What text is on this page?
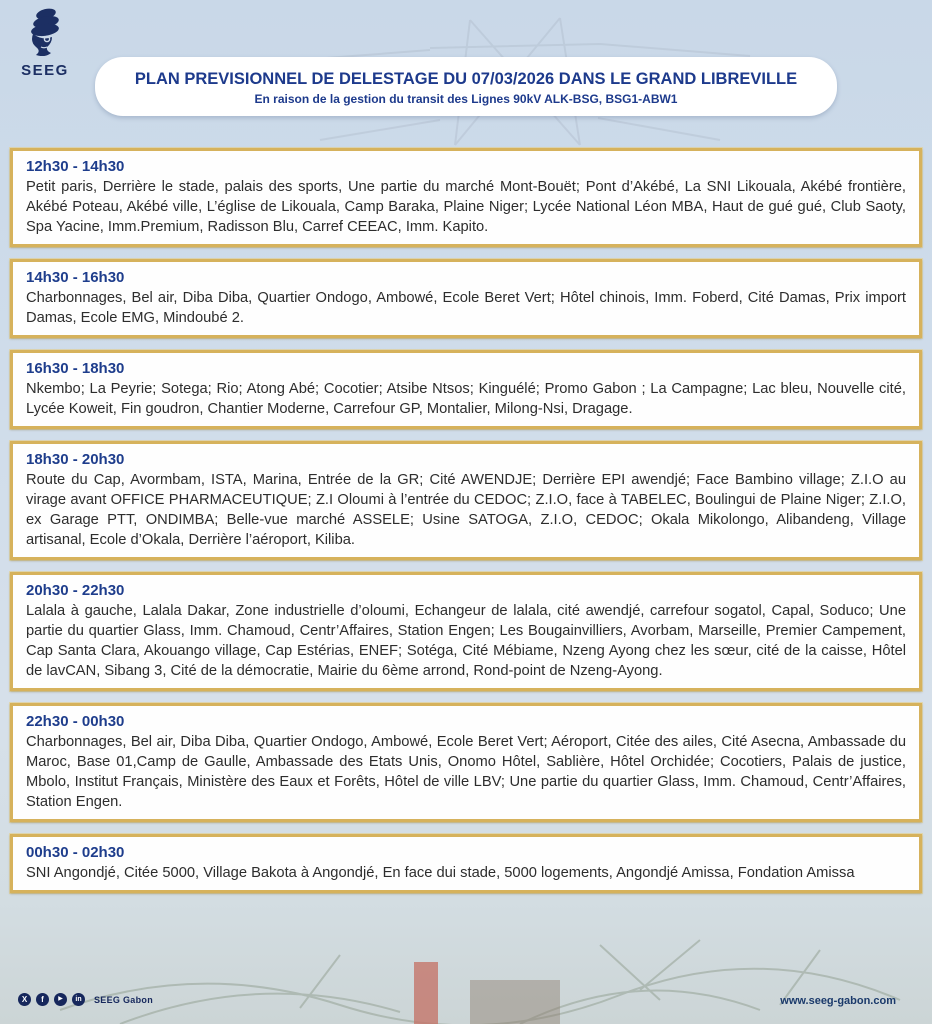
SEEG	PLAN PREVISIONNEL DE DELESTAGE DU 07/03/2026 DANS LE GRAND LIBREVILLE

En raison de la gestion du transit des Lignes 90kV ALK-BSG, BSG1-ABW1

12h30 - 14h30

Petit paris, Derrière le stade, palais des sports, Une partie du marché Mont-Bouët; Pont d’Akébé, La SNI Likouala, Akébé frontière, Akébé Poteau, Akébé ville, L’église de Likouala, Camp Baraka, Plaine Niger; Lycée National Léon MBA, Haut de gué gué, Club Saoty, Spa Yacine, Imm.Premium, Radisson Blu, Carref CEEAC, Imm. Kapito.

14h30 - 16h30

Charbonnages, Bel air, Diba Diba, Quartier Ondogo, Ambowé, Ecole Beret Vert; Hôtel chinois, Imm. Foberd, Cité Damas, Prix import Damas, Ecole EMG, Mindoubé 2.

16h30 - 18h30

Nkembo; La Peyrie; Sotega; Rio; Atong Abé; Cocotier; Atsibe Ntsos; Kinguélé; Promo Gabon ; La Campagne; Lac bleu, Nouvelle cité, Lycée Koweit, Fin goudron, Chantier Moderne, Carrefour GP, Montalier, Milong-Nsi, Dragage.

18h30 - 20h30

Route du Cap, Avormbam, ISTA, Marina, Entrée de la GR; Cité AWENDJE; Derrière EPI awendjé; Face Bambino village; Z.I.O au virage avant OFFICE PHARMACEUTIQUE; Z.I Oloumi à l’entrée du CEDOC; Z.I.O, face à TABELEC, Boulingui de Plaine Niger; Z.I.O, ex Garage PTT, ONDIMBA; Belle-vue marché ASSELE; Usine SATOGA, Z.I.O, CEDOC; Okala Mikolongo, Alibandeng, Village artisanal, Ecole d’Okala, Derrière l’aéroport, Kiliba.

20h30 - 22h30

Lalala à gauche, Lalala Dakar, Zone industrielle d’oloumi, Echangeur de lalala, cité awendjé, carrefour sogatol, Capal, Soduco; Une partie du quartier Glass, Imm. Chamoud, Centr’Affaires, Station Engen; Les Bougainvilliers, Avorbam, Marseille, Premier Campement, Cap Santa Clara, Akouango village, Cap Estérias, ENEF; Sotéga, Cité Mébiame, Nzeng Ayong chez les sœur, cité de la caisse, Hôtel de lavCAN, Sibang 3, Cité de la démocratie, Mairie du 6ème arrond, Rond-point de Nzeng-Ayong.

22h30 - 00h30

Charbonnages, Bel air, Diba Diba, Quartier Ondogo, Ambowé, Ecole Beret Vert; Aéroport, Citée des ailes, Cité Asecna, Ambassade du Maroc, Base 01,Camp de Gaulle, Ambassade des Etats Unis, Onomo Hôtel, Sablière, Hôtel Orchidée; Cocotiers, Palais de justice, Mbolo, Institut Français, Ministère des Eaux et Forêts, Hôtel de ville LBV; Une partie du quartier Glass, Imm. Chamoud, Centr’Affaires, Station Engen.

00h30 - 02h30

SNI Angondjé, Citée 5000, Village Bakota à Angondjé, En face dui stade, 5000 logements, Angondjé Amissa, Fondation Amissa

X	f	▶	in	SEEG Gabon	www.seeg-gabon.com
